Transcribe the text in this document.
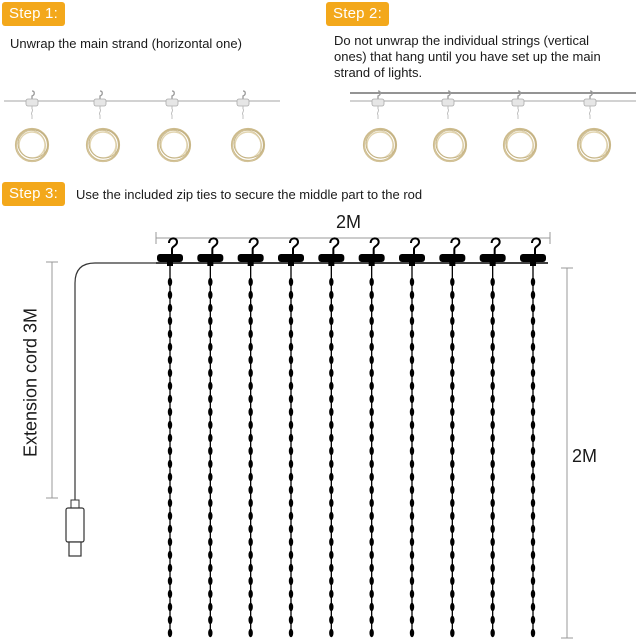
Step 1:
Unwrap the main strand (horizontal one)
Step 2:
Do not unwrap the individual strings (vertical
ones) that hang until you have set up the main
strand of lights.
Step 3:	Use the included zip ties to secure the middle part to the rod
2M
2M
Extension cord 3M
